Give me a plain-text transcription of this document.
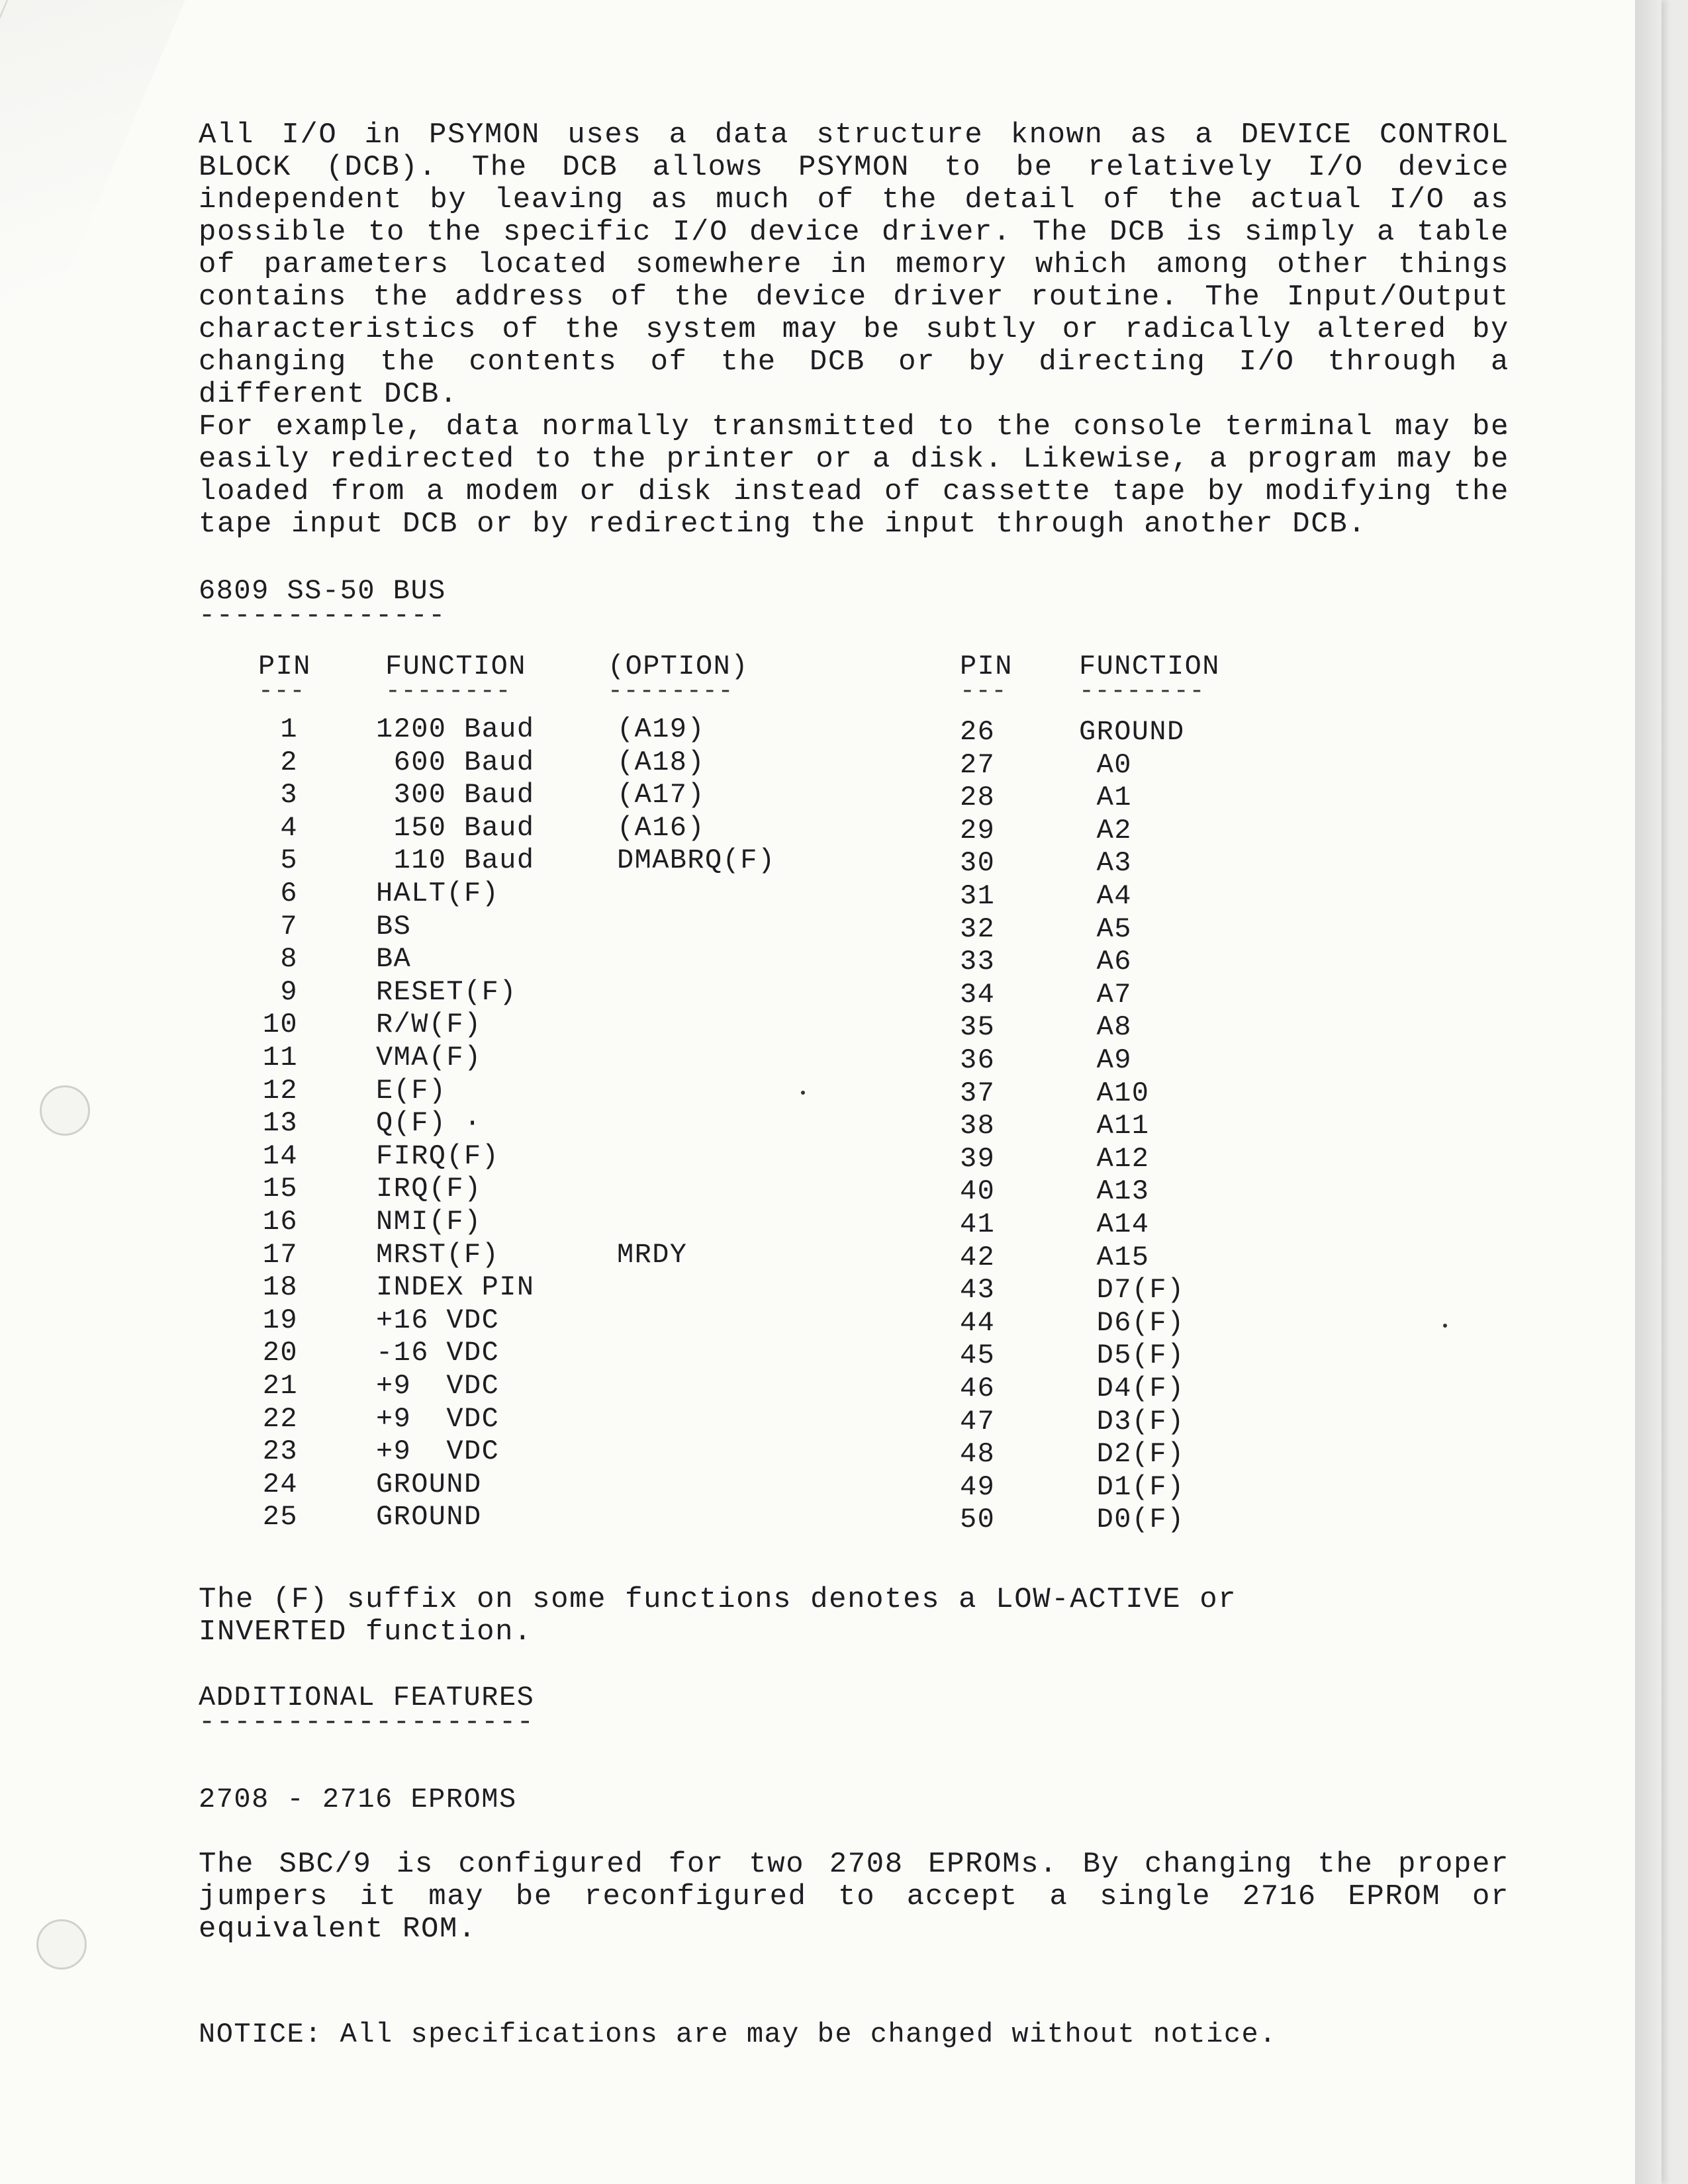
All I/O in PSYMON uses a data structure known as a DEVICE CONTROL BLOCK (DCB). The DCB allows PSYMON to be relatively I/O device independent by leaving as much of the detail of the actual I/O as possible to the specific I/O device driver. The DCB is simply a table of parameters located somewhere in memory which among other things contains the address of the device driver routine. The Input/Output characteristics of the system may be subtly or radically altered by changing the contents of the DCB or by directing I/O through a different DCB.

For example, data normally transmitted to the console terminal may be easily redirected to the printer or a disk. Likewise, a program may be loaded from a modem or disk instead of cassette tape by modifying the tape input DCB or by redirecting the input through another DCB.

6809 SS-50 BUS

--------------

PIN	FUNCTION	(OPTION)	PIN FUNCTION
---	--------	--------	---	--------
1	1200 Baud	(A19)
2	600 Baud	(A18)
3	300 Baud	(A17)
4	150 Baud	(A16)
5	110 Baud	DMABRQ(F)
6	HALT(F)
7	BS
8	BA
9	RESET(F)
10	R/W(F)
11	VMA(F)
12	E(F)
13	Q(F) ·
14	FIRQ(F)
15	IRQ(F)
16	NMI(F)
17	MRST(F)	MRDY
18	INDEX PIN
19	+16 VDC
20	-16 VDC
21	+9  VDC
22	+9  VDC
23	+9  VDC
24	GROUND
25	GROUND
26	GROUND
27	A0
28	A1
29	A2
30	A3
31	A4
32	A5
33	A6
34	A7
35	A8
36	A9
37	A10
38	A11
39	A12
40	A13
41	A14
42	A15
43	D7(F)
44	D6(F)
45	D5(F)
46	D4(F)
47	D3(F)
48	D2(F)
49	D1(F)
50	D0(F)

The (F) suffix on some functions denotes a LOW-ACTIVE or INVERTED function.

ADDITIONAL FEATURES

-------------------

2708 - 2716 EPROMS

The SBC/9 is configured for two 2708 EPROMs. By changing the proper jumpers it may be reconfigured to accept a single 2716 EPROM or equivalent ROM.

NOTICE: All specifications are may be changed without notice.
